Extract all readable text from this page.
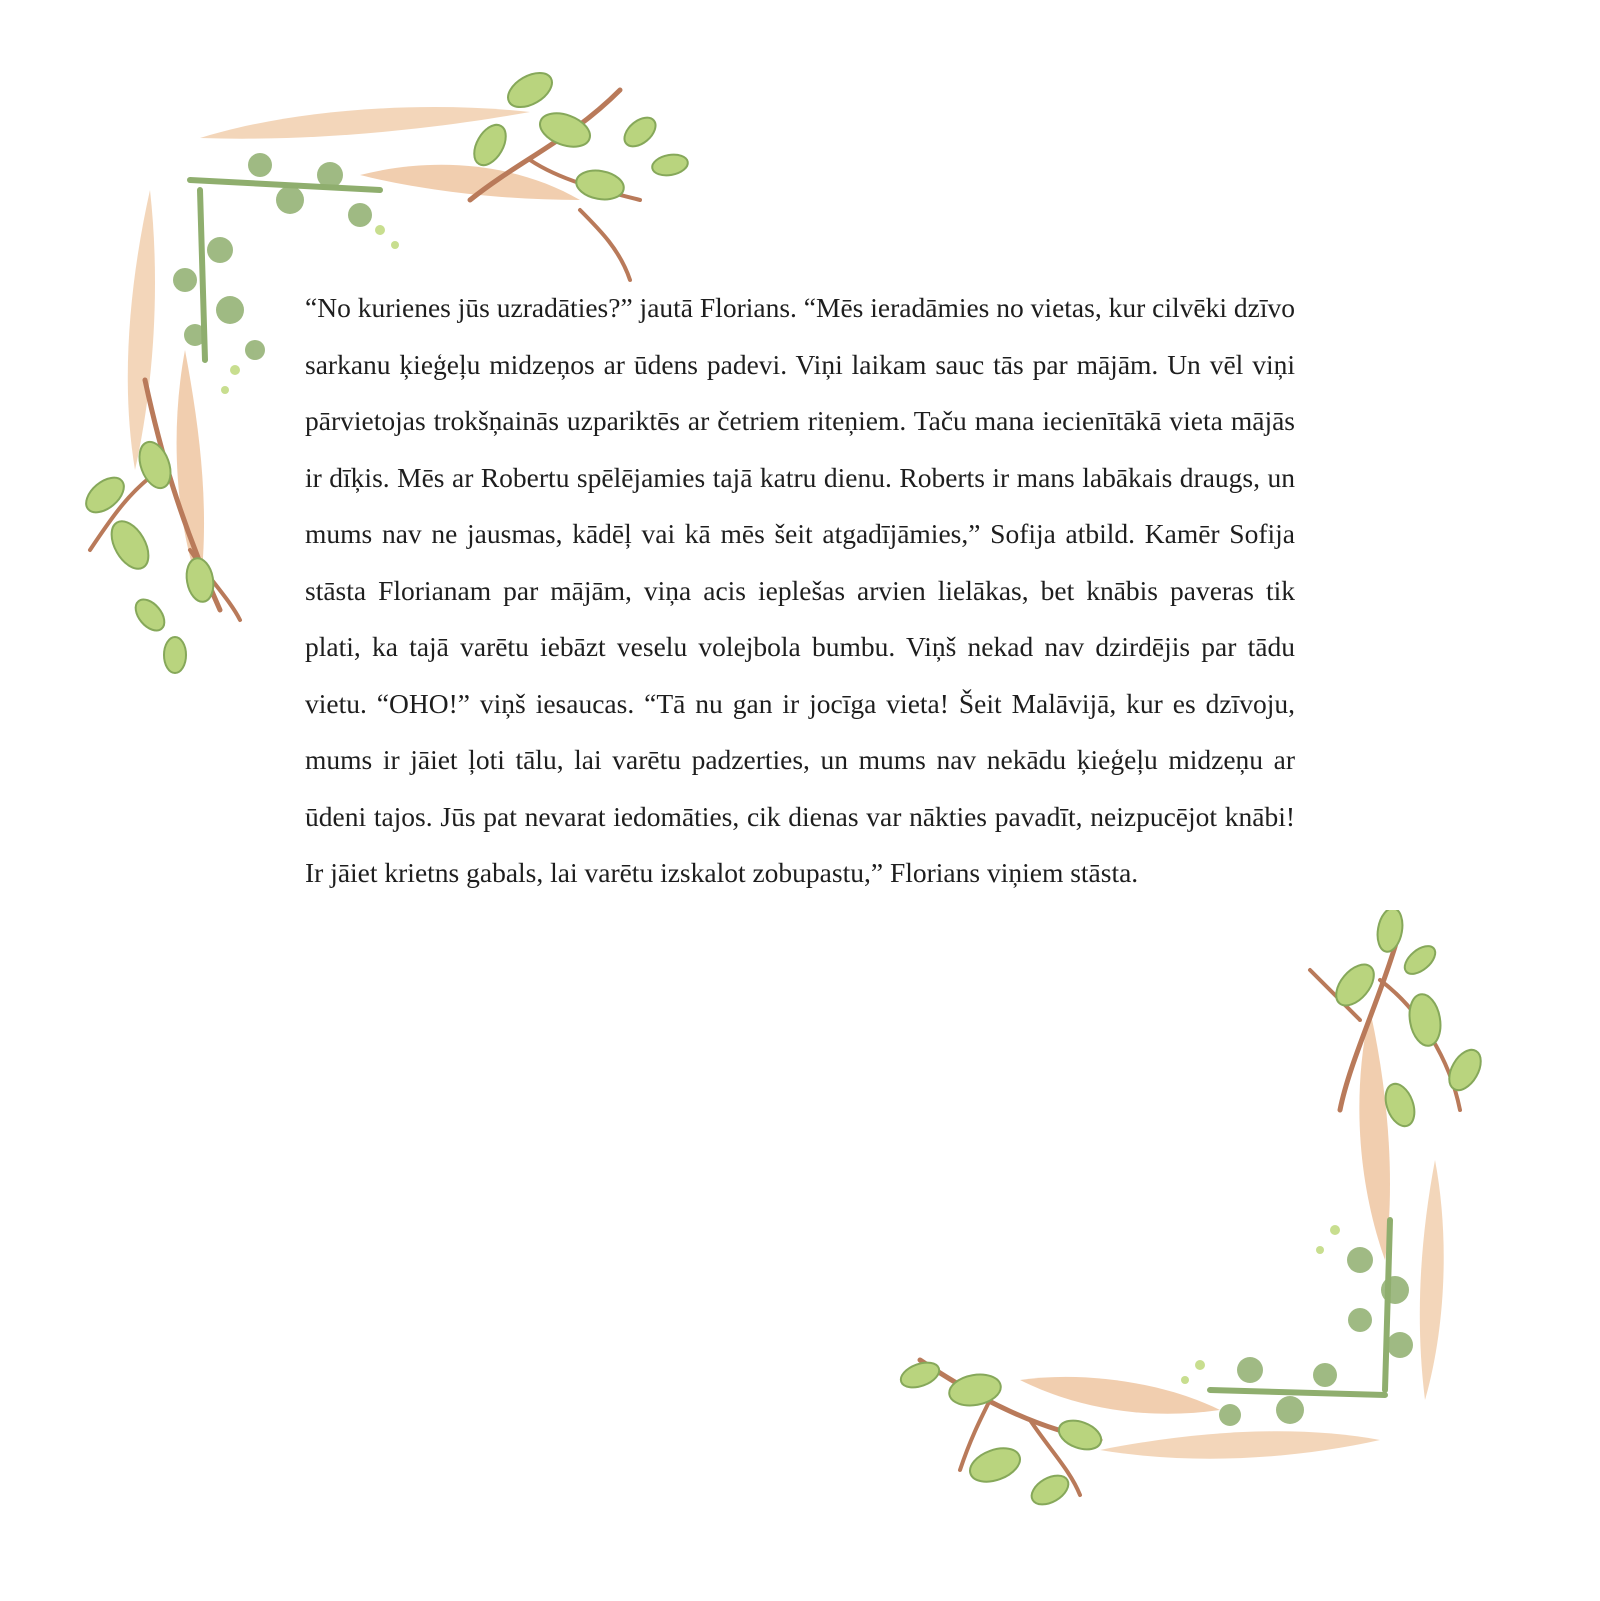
“No kurienes jūs uzradāties?” jautā Florians. “Mēs ieradāmies no vietas, kur cilvēki dzīvo sarkanu ķieģeļu midzeņos ar ūdens padevi. Viņi laikam sauc tās par mājām. Un vēl viņi pārvietojas trokšņainās uzpariktēs ar četriem riteņiem. Taču mana iecienītākā vieta mājās ir dīķis. Mēs ar Robertu spēlējamies tajā katru dienu. Roberts ir mans labākais draugs, un mums nav ne jausmas, kādēļ vai kā mēs šeit atgadījāmies,” Sofija atbild. Kamēr Sofija stāsta Florianam par mājām, viņa acis ieplešas arvien lielākas, bet knābis paveras tik plati, ka tajā varētu iebāzt veselu volejbola bumbu. Viņš nekad nav dzirdējis par tādu vietu. “OHO!” viņš iesaucas. “Tā nu gan ir jocīga vieta! Šeit Malāvijā, kur es dzīvoju, mums ir jāiet ļoti tālu, lai varētu padzerties, un mums nav nekādu ķieģeļu midzeņu ar ūdeni tajos. Jūs pat nevarat iedomāties, cik dienas var nākties pavadīt, neizpucējot knābi! Ir jāiet krietns gabals, lai varētu izskalot zobupastu,” Florians viņiem stāsta.
